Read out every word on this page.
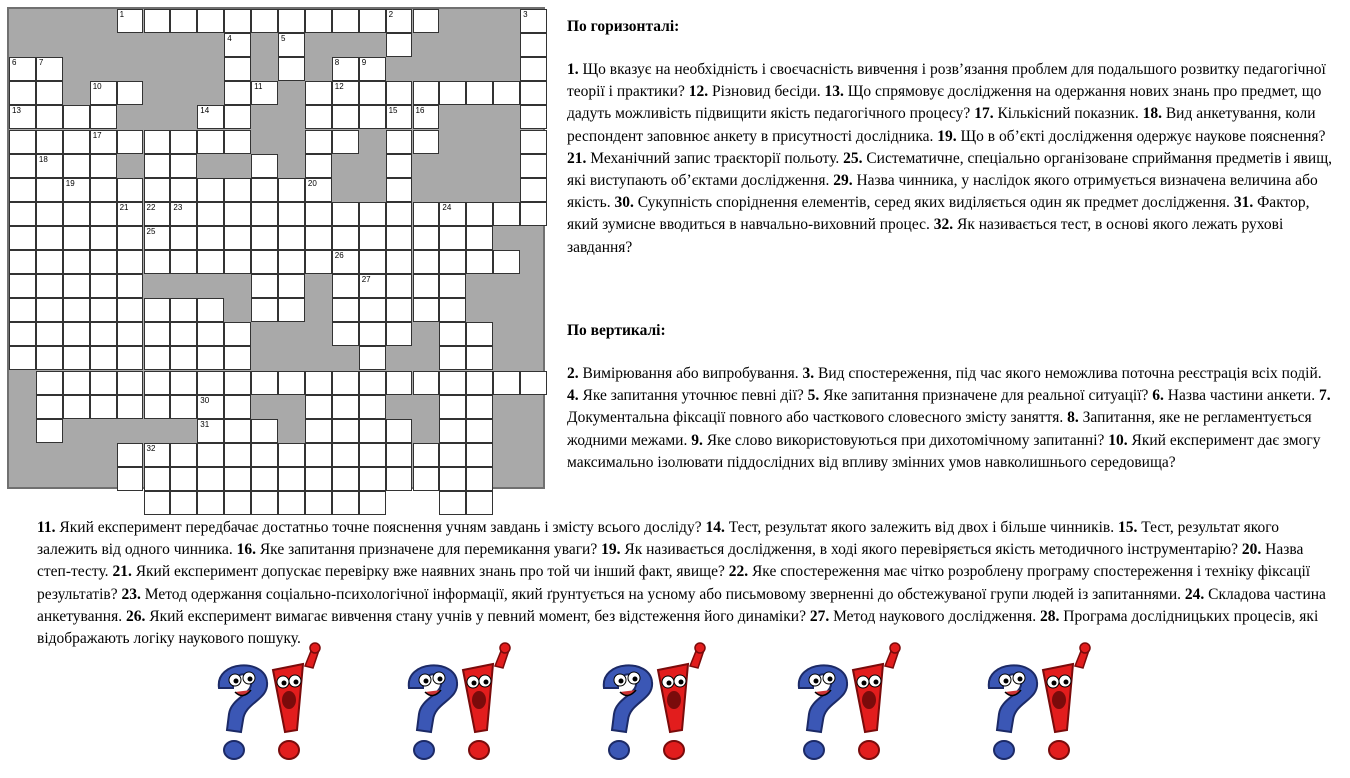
1	2	3
4	5
6	7	8	9
10	11	12
13	14	15 16
17
18
19	20
21 22 23	24
25
26
27
30
31
32
По горизонталі:
1. Що вказує на необхідність і своєчасність вивчення і розв’язання проблем для подальшого розвитку педагогічної теорії і практики? 12. Різновид бесіди. 13. Що спрямовує дослідження на одержання нових знань про предмет, що дадуть можливість підвищити якість педагогічного процесу? 17. Кількісний показник. 18. Вид анкетування, коли респондент заповнює анкету в присутності дослідника. 19. Що в об’єкті дослідження одержує наукове пояснення? 21. Механічний запис траєкторії польоту. 25. Систематичне, спеціально організоване сприймання предметів і явищ, які виступають об’єктами дослідження. 29. Назва чинника, у наслідок якого отримується визначена величина або якість. 30. Сукупність споріднення елементів, серед яких виділяється один як предмет дослідження. 31. Фактор, який зумисне вводиться в навчально-виховний процес. 32. Як називається тест, в основі якого лежать рухові завдання?
По вертикалі:
2. Вимірювання або випробування. 3. Вид спостереження, під час якого неможлива поточна реєстрація всіх подій. 4. Яке запитання уточнює певні дії? 5. Яке запитання призначене для реальної ситуації? 6. Назва частини анкети. 7. Документальна фіксації повного або часткового словесного змісту заняття. 8. Запитання, яке не регламентується жодними межами. 9. Яке слово використовуються при дихотомічному запитанні? 10. Який експеримент дає змогу максимально ізолювати піддослідних від впливу змінних умов навколишнього середовища?
11. Який експеримент передбачає достатньо точне пояснення учням завдань і змісту всього досліду? 14. Тест, результат якого залежить від двох і більше чинників. 15. Тест, результат якого залежить від одного чинника. 16. Яке запитання призначене для перемикання уваги? 19. Як називається дослідження, в ході якого перевіряється якість методичного інструментарію? 20. Назва степ-тесту. 21. Який експеримент допускає перевірку вже наявних знань про той чи інший факт, явище? 22. Яке спостереження має чітко розроблену програму спостереження і техніку фіксації результатів? 23. Метод одержання соціально-психологічної інформації, який ґрунтується на усному або письмовому зверненні до обстежуваної групи людей із запитаннями. 24. Складова частина анкетування. 26. Який експеримент вимагає вивчення стану учнів у певний момент, без відстеження його динаміки? 27. Метод наукового дослідження. 28. Програма дослідницьких процесів, які відображають логіку наукового пошуку.
